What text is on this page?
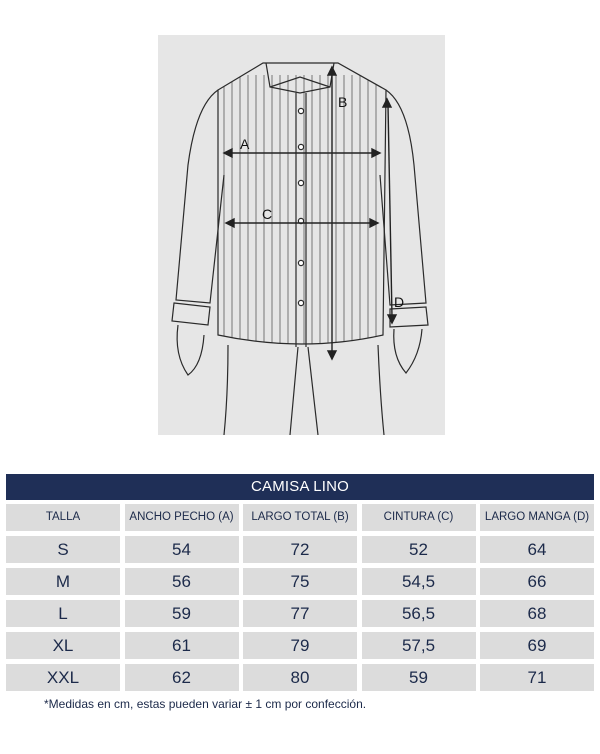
A
C
B
D
CAMISA LINO
TALLA	ANCHO PECHO (A)	LARGO TOTAL (B)	CINTURA (C)	LARGO MANGA (D)
S	54	72	52	64
M	56	75	54,5	66
L	59	77	56,5	68
XL	61	79	57,5	69
XXL	62	80	59	71
*Medidas en cm, estas pueden variar ± 1 cm por confección.
